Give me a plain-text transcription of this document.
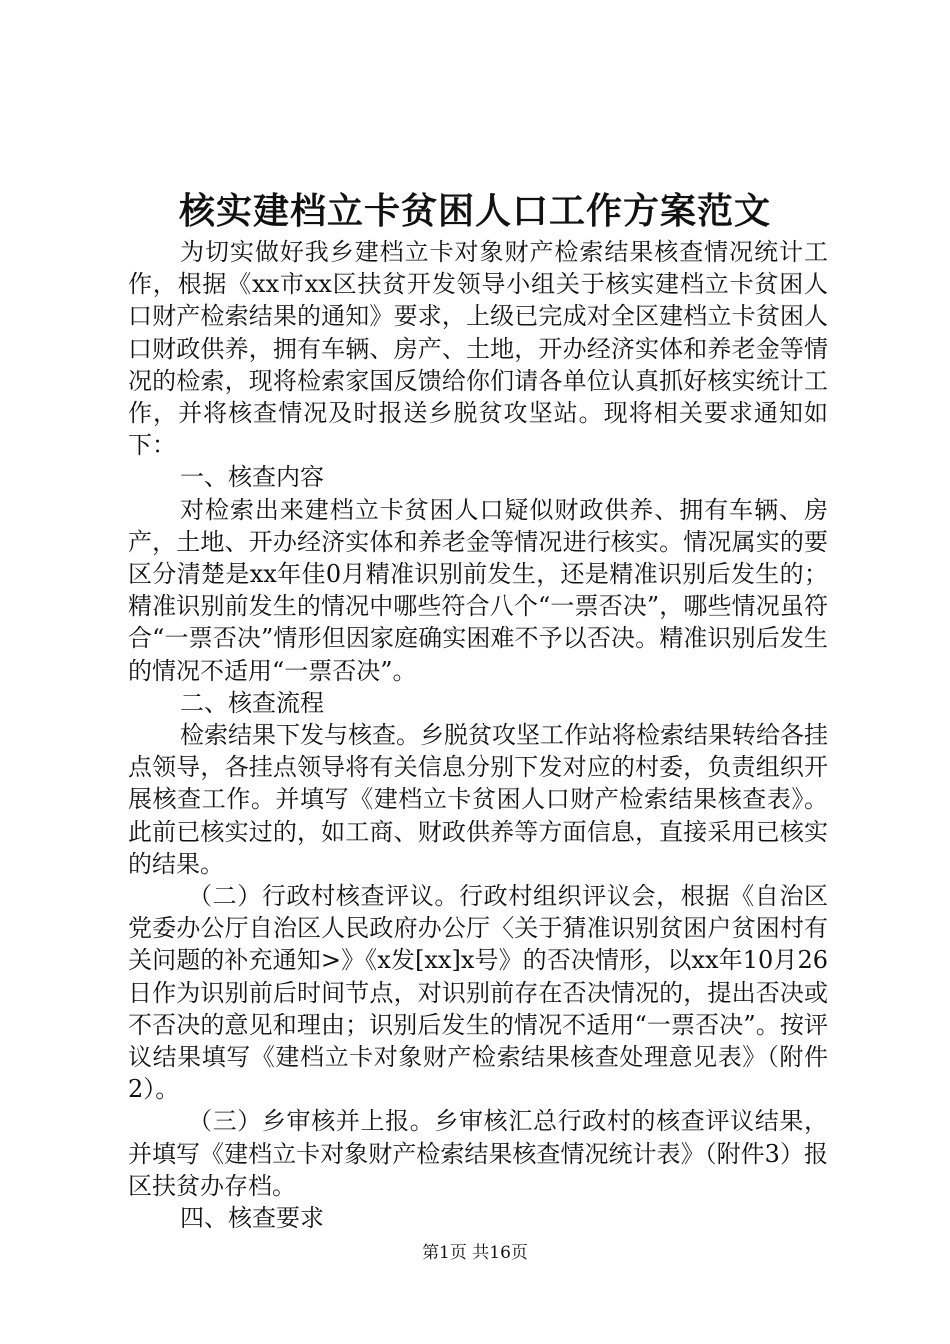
核实建档立卡贫困人口工作方案范文

为切实做好我乡建档立卡对象财产检索结果核查情况统计工作，根据《xx市xx区扶贫开发领导小组关于核实建档立卡贫困人口财产检索结果的通知》要求，上级已完成对全区建档立卡贫困人口财政供养，拥有车辆、房产、土地，开办经济实体和养老金等情况的检索，现将检索家国反馈给你们请各单位认真抓好核实统计工作，并将核查情况及时报送乡脱贫攻坚站。现将相关要求通知如下：

一、核查内容

对检索出来建档立卡贫困人口疑似财政供养、拥有车辆、房产，土地、开办经济实体和养老金等情况进行核实。情况属实的要区分清楚是xx年佳0月精准识别前发生，还是精准识别后发生的；精准识别前发生的情况中哪些符合八个“一票否决”，哪些情况虽符合“一票否决”情形但因家庭确实困难不予以否决。精准识别后发生的情况不适用“一票否决”。

二、核查流程

检索结果下发与核查。乡脱贫攻坚工作站将检索结果转给各挂点领导，各挂点领导将有关信息分别下发对应的村委，负责组织开展核查工作。并填写《建档立卡贫困人口财产检索结果核查表》。此前已核实过的，如工商、财政供养等方面信息，直接采用已核实的结果。

（二）行政村核查评议。行政村组织评议会，根据《自治区党委办公厅自治区人民政府办公厅〈关于猜准识别贫困户贫困村有关问题的补充通知>》《x发[xx]x号》的否决情形，以xx年10月26日作为识别前后时间节点，对识别前存在否决情况的，提出否决或不否决的意见和理由；识别后发生的情况不适用“一票否决”。按评议结果填写《建档立卡对象财产检索结果核查处理意见表》（附件2）。

（三）乡审核并上报。乡审核汇总行政村的核查评议结果，并填写《建档立卡对象财产检索结果核查情况统计表》（附件3）报区扶贫办存档。

四、核查要求

第1页 共16页
